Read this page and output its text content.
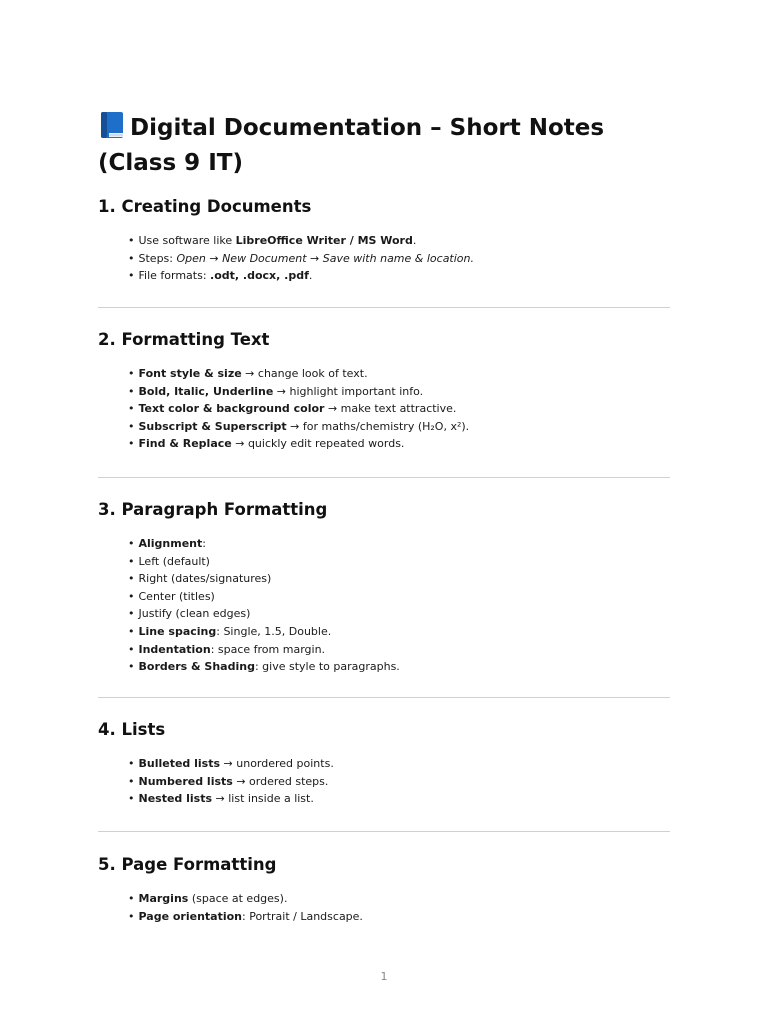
Digital Documentation – Short Notes (Class 9 IT)
1. Creating Documents
• Use software like LibreOffice Writer / MS Word.
• Steps: Open → New Document → Save with name & location.
• File formats: .odt, .docx, .pdf.
2. Formatting Text
• Font style & size → change look of text.
• Bold, Italic, Underline → highlight important info.
• Text color & background color → make text attractive.
• Subscript & Superscript → for maths/chemistry (H₂O, x²).
• Find & Replace → quickly edit repeated words.
3. Paragraph Formatting
• Alignment:
• Left (default)
• Right (dates/signatures)
• Center (titles)
• Justify (clean edges)
• Line spacing: Single, 1.5, Double.
• Indentation: space from margin.
• Borders & Shading: give style to paragraphs.
4. Lists
• Bulleted lists → unordered points.
• Numbered lists → ordered steps.
• Nested lists → list inside a list.
5. Page Formatting
• Margins (space at edges).
• Page orientation: Portrait / Landscape.
1
